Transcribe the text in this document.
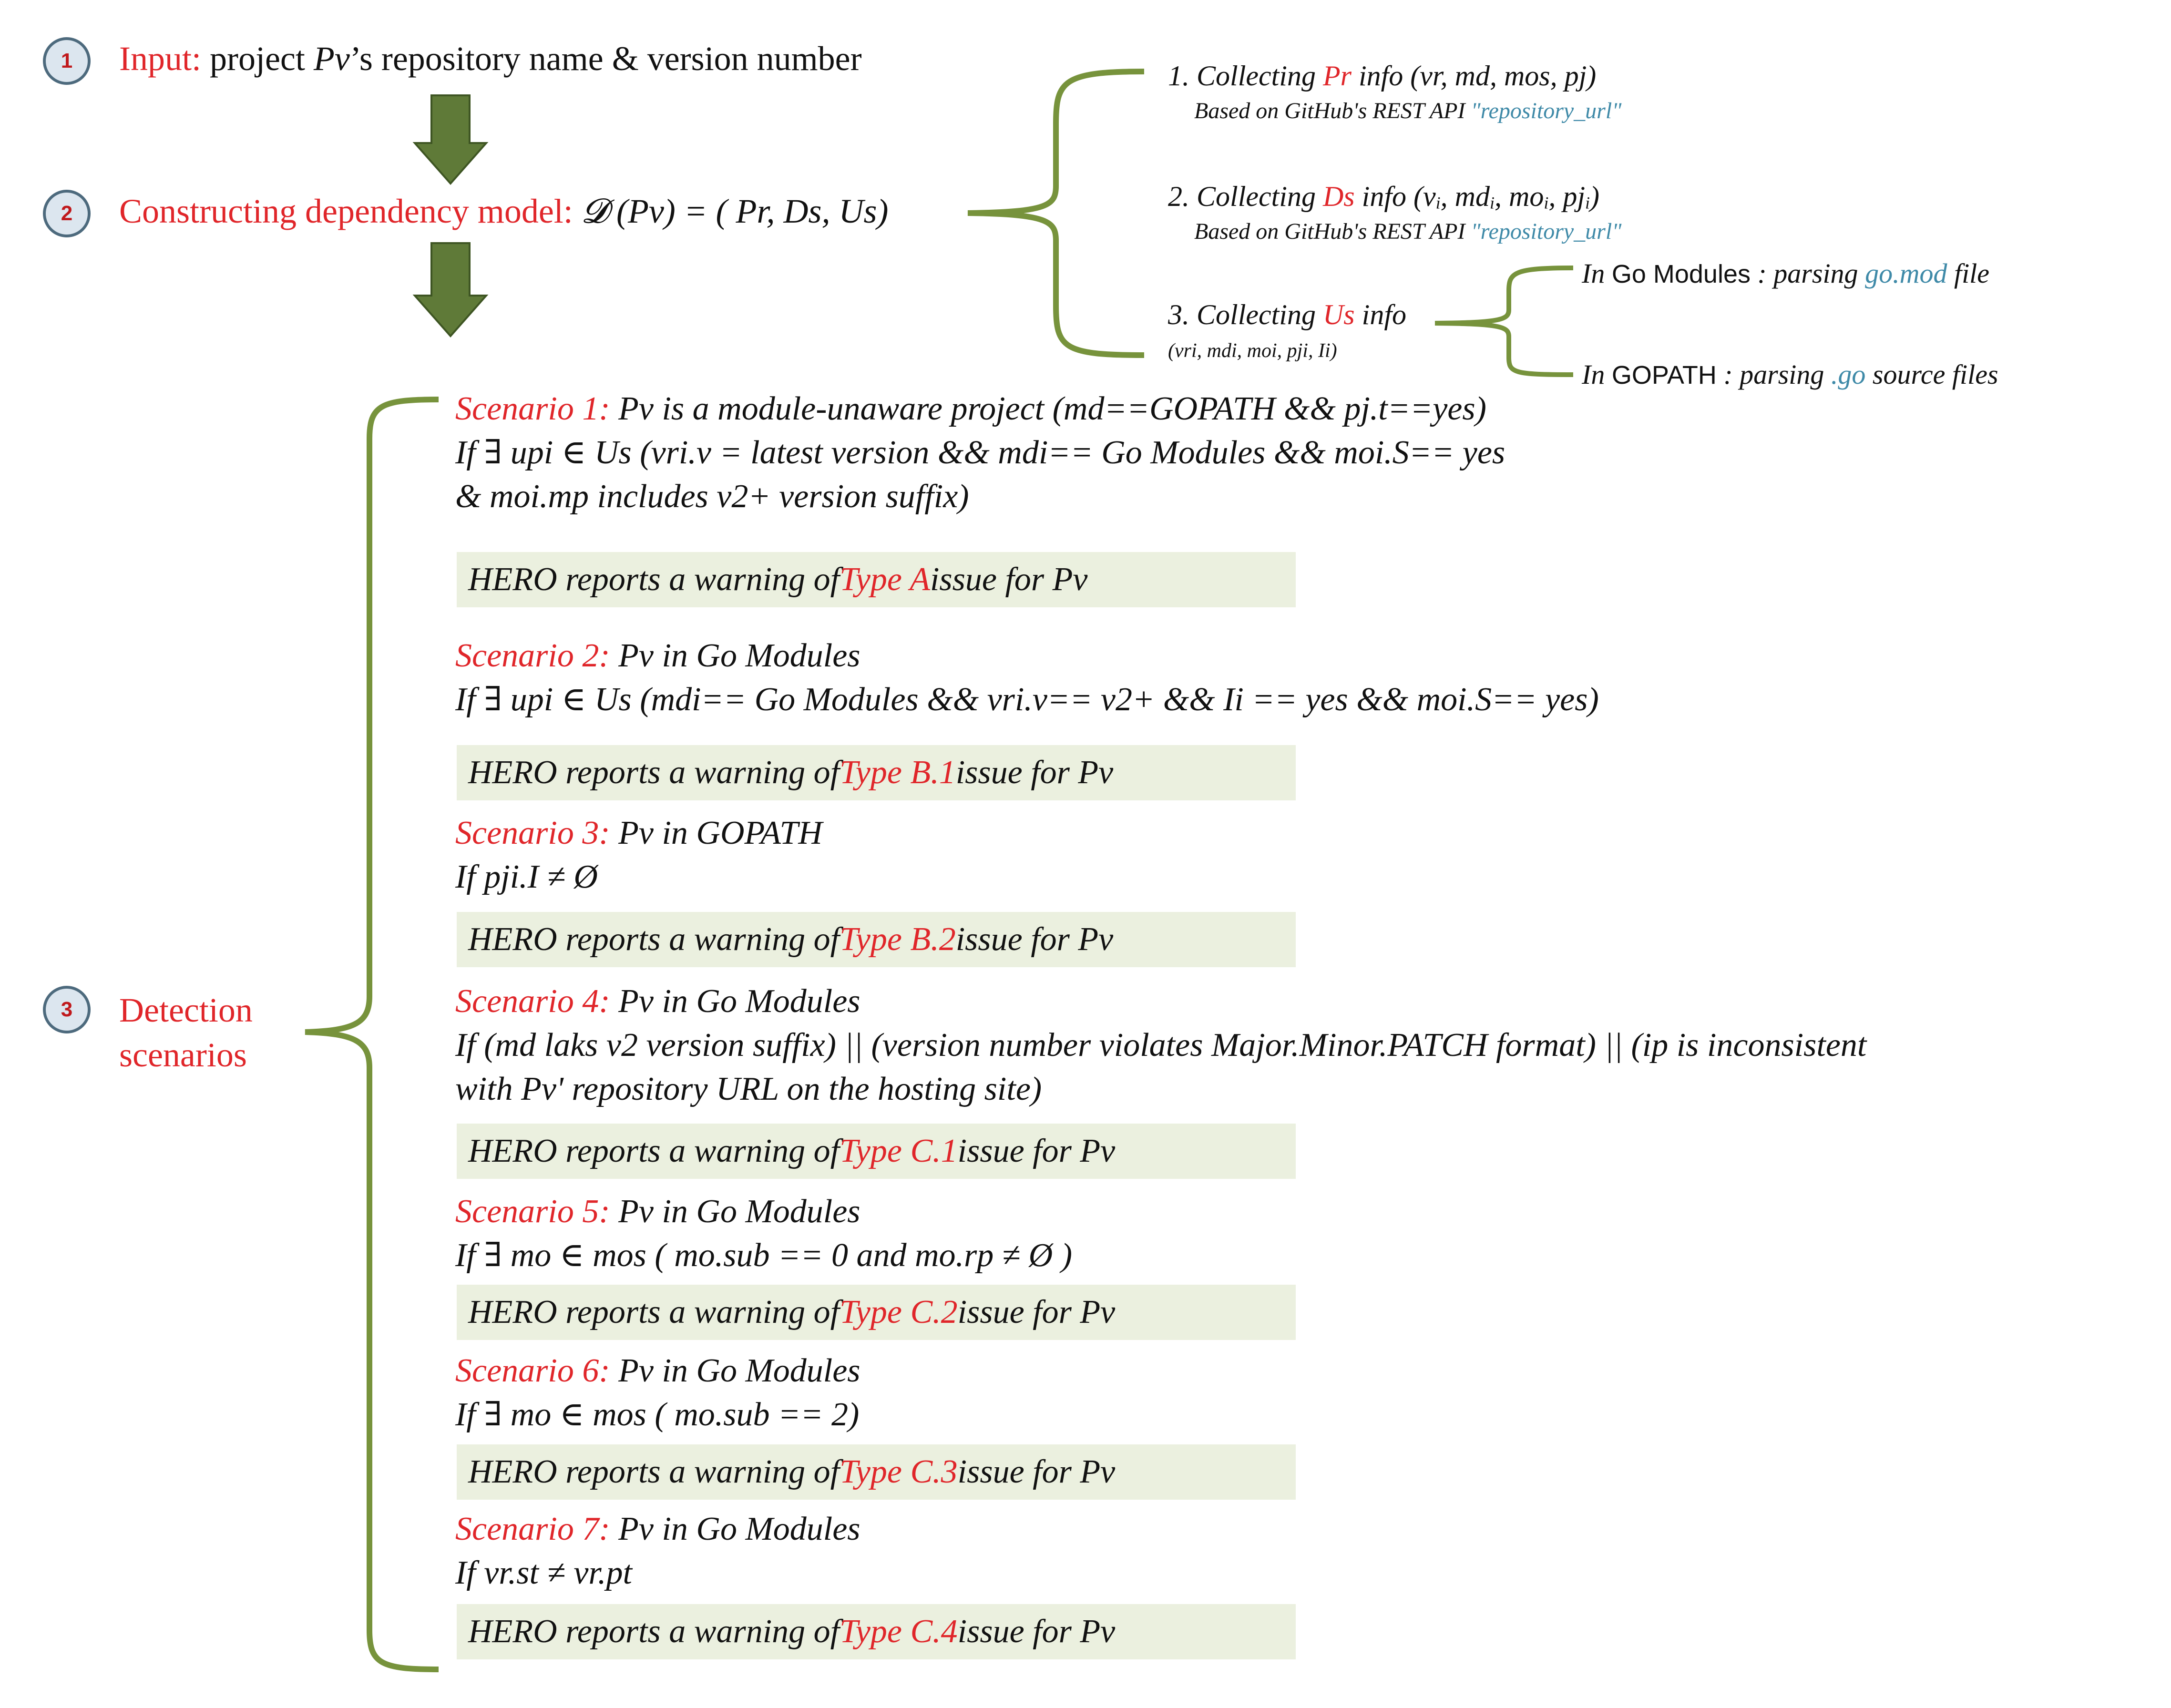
1 Input: project Pv’s repository name & version number
2 Constructing dependency model: 𝓓 (Pv) = ( Pr, Ds, Us)
3 Detection
scenarios
1. Collecting Pr info (vr, md, mos, pj)
Based on GitHub's REST API "repository_url"
2. Collecting Ds info ($v_i$, $md_i$, $mo_i$, $pj_i$)
Based on GitHub's REST API "repository_url"
3. Collecting Us info
(vri, mdi, moi, pji, Ii)
In Go Modules : parsing go.mod file
In GOPATH : parsing .go source files
Scenario 1: Pv is a module-unaware project (md==GOPATH && pj.t==yes)
If ∃ upi ∈ Us (vri.v = latest version && mdi== Go Modules && moi.S== yes
& moi.mp includes v2+ version suffix)
HERO reports a warning of Type A issue for Pv
Scenario 2: Pv in Go Modules
If ∃ upi ∈ Us (mdi== Go Modules && vri.v== v2+ && Ii == yes && moi.S== yes)
HERO reports a warning of Type B.1 issue for Pv
Scenario 3: Pv in GOPATH
If pji.I ≠ Ø
HERO reports a warning of Type B.2 issue for Pv
Scenario 4: Pv in Go Modules
If (md laks v2 version suffix) || (version number violates Major.Minor.PATCH format) || (ip is inconsistent
with Pv' repository URL on the hosting site)
HERO reports a warning of Type C.1 issue for Pv
Scenario 5: Pv in Go Modules
If ∃ mo ∈ mos ( mo.sub == 0 and mo.rp ≠ Ø )
HERO reports a warning of Type C.2 issue for Pv
Scenario 6: Pv in Go Modules
If ∃ mo ∈ mos ( mo.sub == 2)
HERO reports a warning of Type C.3 issue for Pv
Scenario 7: Pv in Go Modules
If vr.st ≠ vr.pt
HERO reports a warning of Type C.4 issue for Pv
